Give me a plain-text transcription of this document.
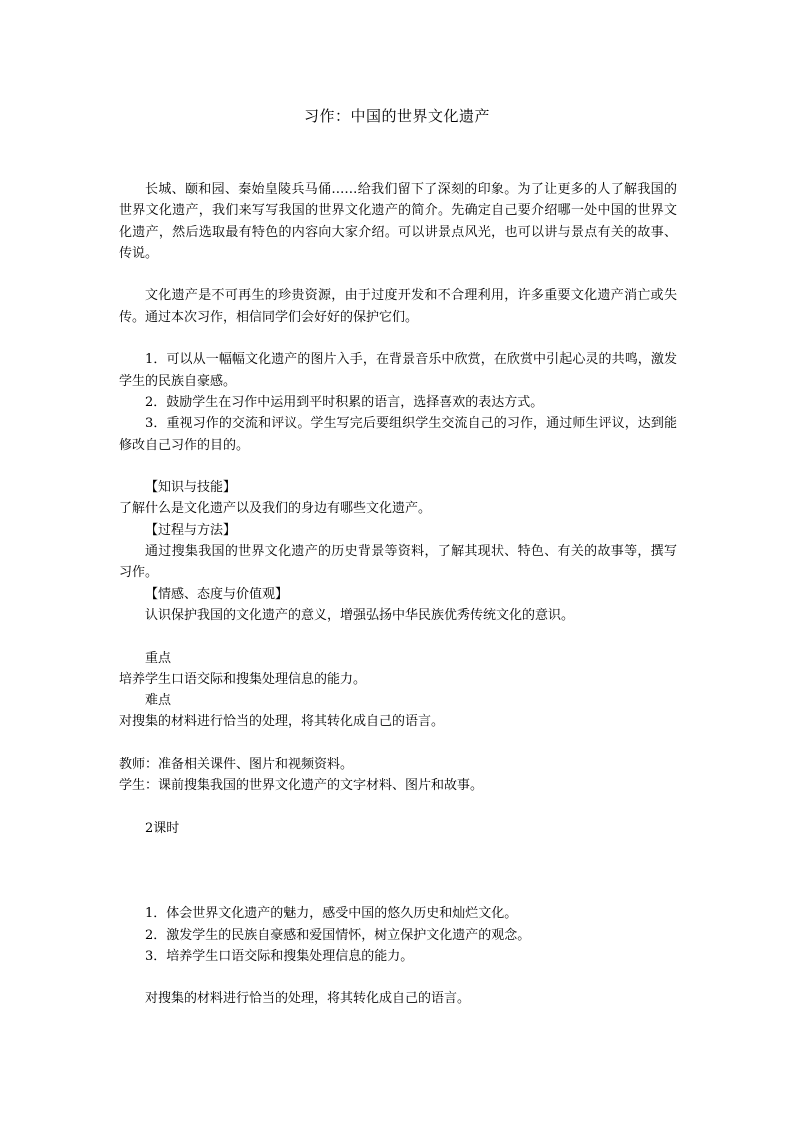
习作：中国的世界文化遗产

长城、颐和园、秦始皇陵兵马俑……给我们留下了深刻的印象。为了让更多的人了解我国的世界文化遗产，我们来写写我国的世界文化遗产的简介。先确定自己要介绍哪一处中国的世界文化遗产，然后选取最有特色的内容向大家介绍。可以讲景点风光，也可以讲与景点有关的故事、传说。

文化遗产是不可再生的珍贵资源，由于过度开发和不合理利用，许多重要文化遗产消亡或失传。通过本次习作，相信同学们会好好的保护它们。

1．可以从一幅幅文化遗产的图片入手，在背景音乐中欣赏，在欣赏中引起心灵的共鸣，激发学生的民族自豪感。

2．鼓励学生在习作中运用到平时积累的语言，选择喜欢的表达方式。

3．重视习作的交流和评议。学生写完后要组织学生交流自己的习作，通过师生评议，达到能修改自己习作的目的。

【知识与技能】

了解什么是文化遗产以及我们的身边有哪些文化遗产。

【过程与方法】

通过搜集我国的世界文化遗产的历史背景等资料，了解其现状、特色、有关的故事等，撰写习作。

【情感、态度与价值观】

认识保护我国的文化遗产的意义，增强弘扬中华民族优秀传统文化的意识。

重点

培养学生口语交际和搜集处理信息的能力。

难点

对搜集的材料进行恰当的处理，将其转化成自己的语言。

教师：准备相关课件、图片和视频资料。

学生：课前搜集我国的世界文化遗产的文字材料、图片和故事。

2课时

1．体会世界文化遗产的魅力，感受中国的悠久历史和灿烂文化。

2．激发学生的民族自豪感和爱国情怀，树立保护文化遗产的观念。

3．培养学生口语交际和搜集处理信息的能力。

对搜集的材料进行恰当的处理，将其转化成自己的语言。
